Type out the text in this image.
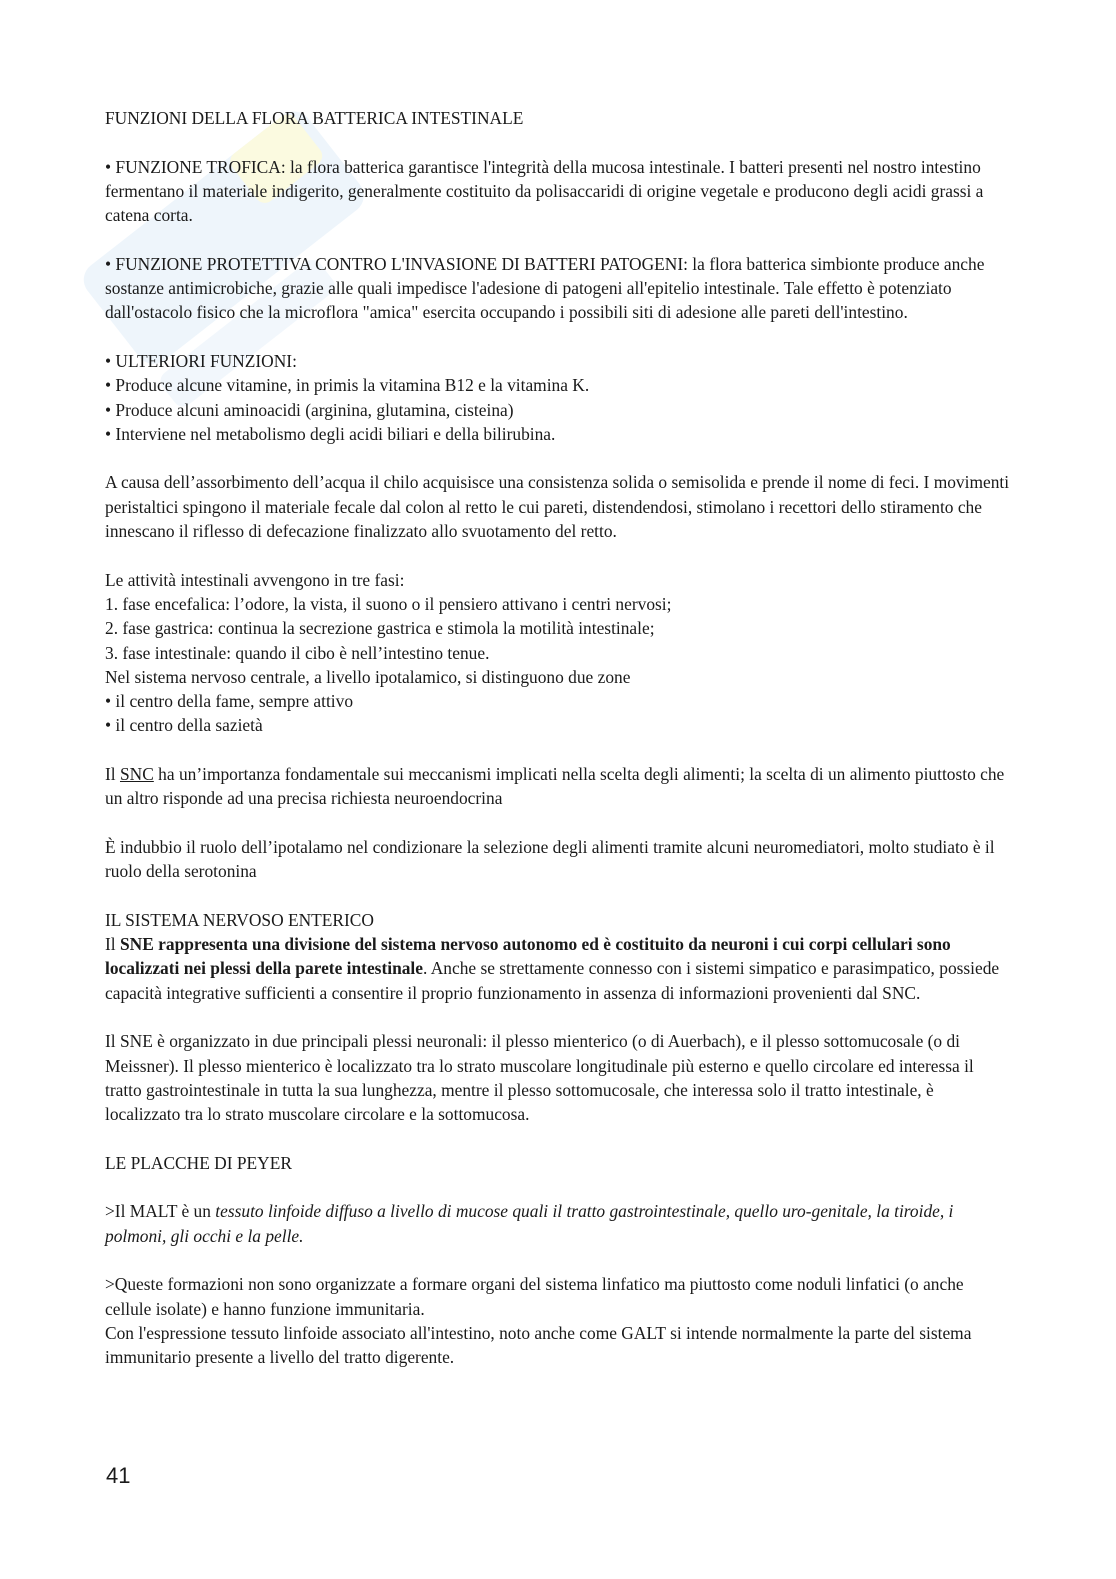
FUNZIONI DELLA FLORA BATTERICA INTESTINALE

• FUNZIONE TROFICA: la flora batterica garantisce l'integrità della mucosa intestinale. I batteri presenti nel nostro intestino fermentano il materiale indigerito, generalmente costituito da polisaccaridi di origine vegetale e producono degli acidi grassi a catena corta.

• FUNZIONE PROTETTIVA CONTRO L'INVASIONE DI BATTERI PATOGENI: la flora batterica simbionte produce anche sostanze antimicrobiche, grazie alle quali impedisce l'adesione di patogeni all'epitelio intestinale. Tale effetto è potenziato dall'ostacolo fisico che la microflora "amica" esercita occupando i possibili siti di adesione alle pareti dell'intestino.

• ULTERIORI FUNZIONI:

• Produce alcune vitamine, in primis la vitamina B12 e la vitamina K.

• Produce alcuni aminoacidi (arginina, glutamina, cisteina)

• Interviene nel metabolismo degli acidi biliari e della bilirubina.

A causa dell’assorbimento dell’acqua il chilo acquisisce una consistenza solida o semisolida e prende il nome di feci. I movimenti peristaltici spingono il materiale fecale dal colon al retto le cui pareti, distendendosi, stimolano i recettori dello stiramento che innescano il riflesso di defecazione finalizzato allo svuotamento del retto.

Le attività intestinali avvengono in tre fasi:

1. fase encefalica: l’odore, la vista, il suono o il pensiero attivano i centri nervosi;

2. fase gastrica: continua la secrezione gastrica e stimola la motilità intestinale;

3. fase intestinale: quando il cibo è nell’intestino tenue.

Nel sistema nervoso centrale, a livello ipotalamico, si distinguono due zone

• il centro della fame, sempre attivo

• il centro della sazietà

Il SNC ha un’importanza fondamentale sui meccanismi implicati nella scelta degli alimenti; la scelta di un alimento piuttosto che un altro risponde ad una precisa richiesta neuroendocrina

È indubbio il ruolo dell’ipotalamo nel condizionare la selezione degli alimenti tramite alcuni neuromediatori, molto studiato è il ruolo della serotonina

IL SISTEMA NERVOSO ENTERICO

Il SNE rappresenta una divisione del sistema nervoso autonomo ed è costituito da neuroni i cui corpi cellulari sono localizzati nei plessi della parete intestinale. Anche se strettamente connesso con i sistemi simpatico e parasimpatico, possiede capacità integrative sufficienti a consentire il proprio funzionamento in assenza di informazioni provenienti dal SNC.

Il SNE è organizzato in due principali plessi neuronali: il plesso mienterico (o di Auerbach), e il plesso sottomucosale (o di Meissner). Il plesso mienterico è localizzato tra lo strato muscolare longitudinale più esterno e quello circolare ed interessa il tratto gastrointestinale in tutta la sua lunghezza, mentre il plesso sottomucosale, che interessa solo il tratto intestinale, è localizzato tra lo strato muscolare circolare e la sottomucosa.

LE PLACCHE DI PEYER

>Il MALT è un tessuto linfoide diffuso a livello di mucose quali il tratto gastrointestinale, quello uro-genitale, la tiroide, i polmoni, gli occhi e la pelle.

>Queste formazioni non sono organizzate a formare organi del sistema linfatico ma piuttosto come noduli linfatici (o anche cellule isolate) e hanno funzione immunitaria.

Con l'espressione tessuto linfoide associato all'intestino, noto anche come GALT si intende normalmente la parte del sistema immunitario presente a livello del tratto digerente.

41
